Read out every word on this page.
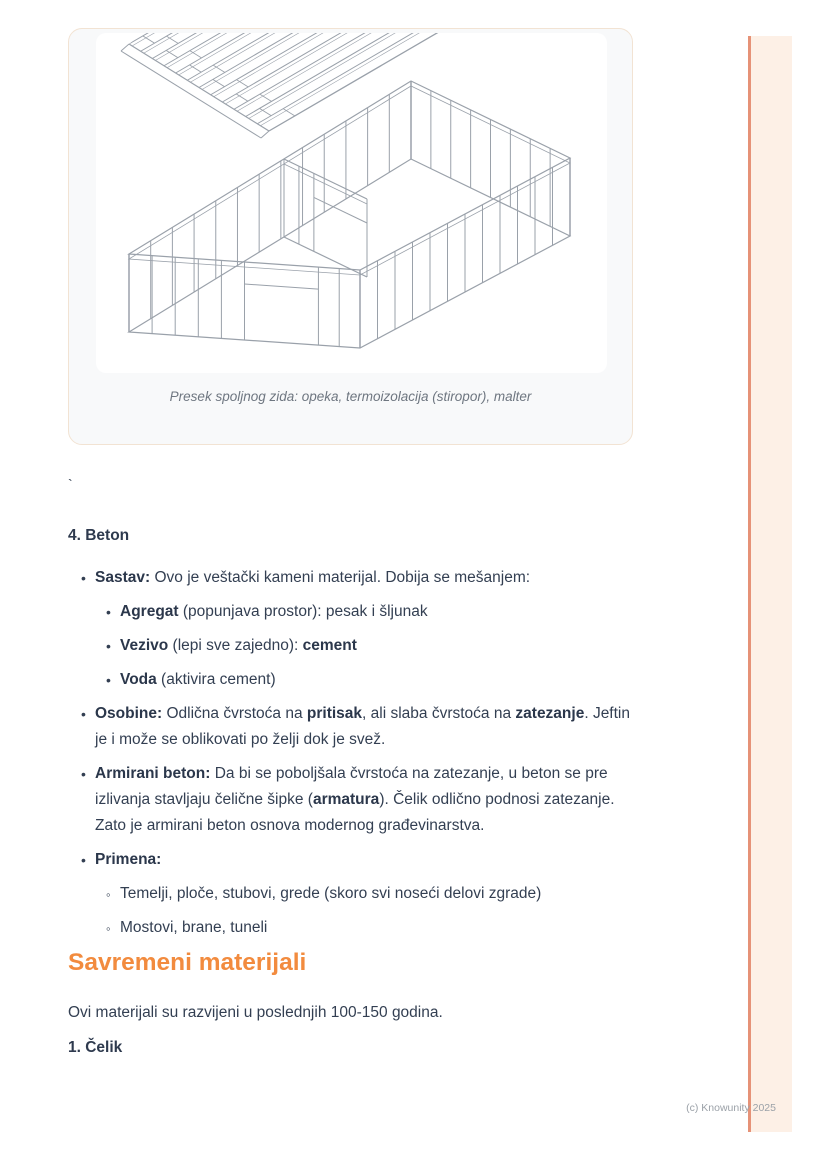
Presek spoljnog zida: opeka, termoizolacija (stiropor), malter
`
4. Beton
• Sastav: Ovo je veštački kameni materijal. Dobija se mešanjem:
• Agregat (popunjava prostor): pesak i šljunak
• Vezivo (lepi sve zajedno): cement
• Voda (aktivira cement)
• Osobine: Odlična čvrstoća na pritisak, ali slaba čvrstoća na zatezanje. Jeftin je i može se oblikovati po želji dok je svež.
• Armirani beton: Da bi se poboljšala čvrstoća na zatezanje, u beton se pre izlivanja stavljaju čelične šipke (armatura). Čelik odlično podnosi zatezanje. Zato je armirani beton osnova modernog građevinarstva.
• Primena:
◦ Temelji, ploče, stubovi, grede (skoro svi noseći delovi zgrade)
◦ Mostovi, brane, tuneli
Savremeni materijali

Ovi materijali su razvijeni u poslednjih 100-150 godina.

1. Čelik
(c) Knowunity 2025
